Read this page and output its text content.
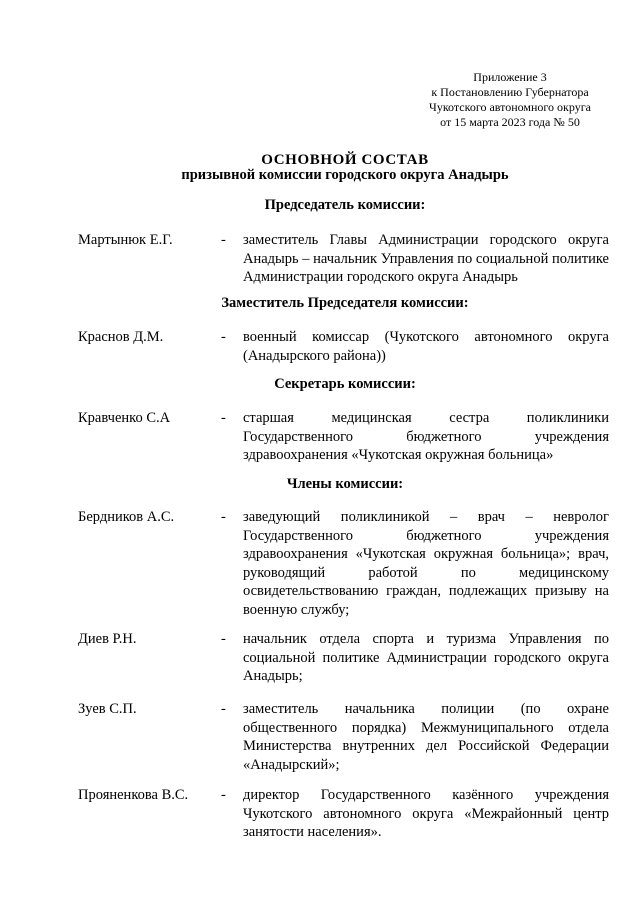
Приложение 3
к Постановлению Губернатора
Чукотского автономного округа
от 15 марта 2023 года № 50
ОСНОВНОЙ СОСТАВ
призывной комиссии городского округа Анадырь
Председатель комиссии:
Мартынюк Е.Г.	- заместитель Главы Администрации городского округа Анадырь – начальник Управления по социальной политике Администрации городского округа Анадырь
Заместитель Председателя комиссии:
Краснов Д.М.	- военный комиссар (Чукотского автономного округа (Анадырского района))
Секретарь комиссии:
Кравченко С.А	- старшая медицинская сестра поликлиники Государственного бюджетного учреждения здравоохранения «Чукотская окружная больница»
Члены комиссии:
Бердников А.С.	- заведующий поликлиникой – врач – невролог Государственного бюджетного учреждения здравоохранения «Чукотская окружная больница»; врач, руководящий работой по медицинскому освидетельствованию граждан, подлежащих призыву на военную службу;
Диев Р.Н.	- начальник отдела спорта и туризма Управления по социальной политике Администрации городского округа Анадырь;
Зуев С.П.	- заместитель начальника полиции (по охране общественного порядка) Межмуниципального отдела Министерства внутренних дел Российской Федерации «Анадырский»;
Прояненкова В.С. - директор Государственного казённого учреждения Чукотского автономного округа «Межрайонный центр занятости населения».
